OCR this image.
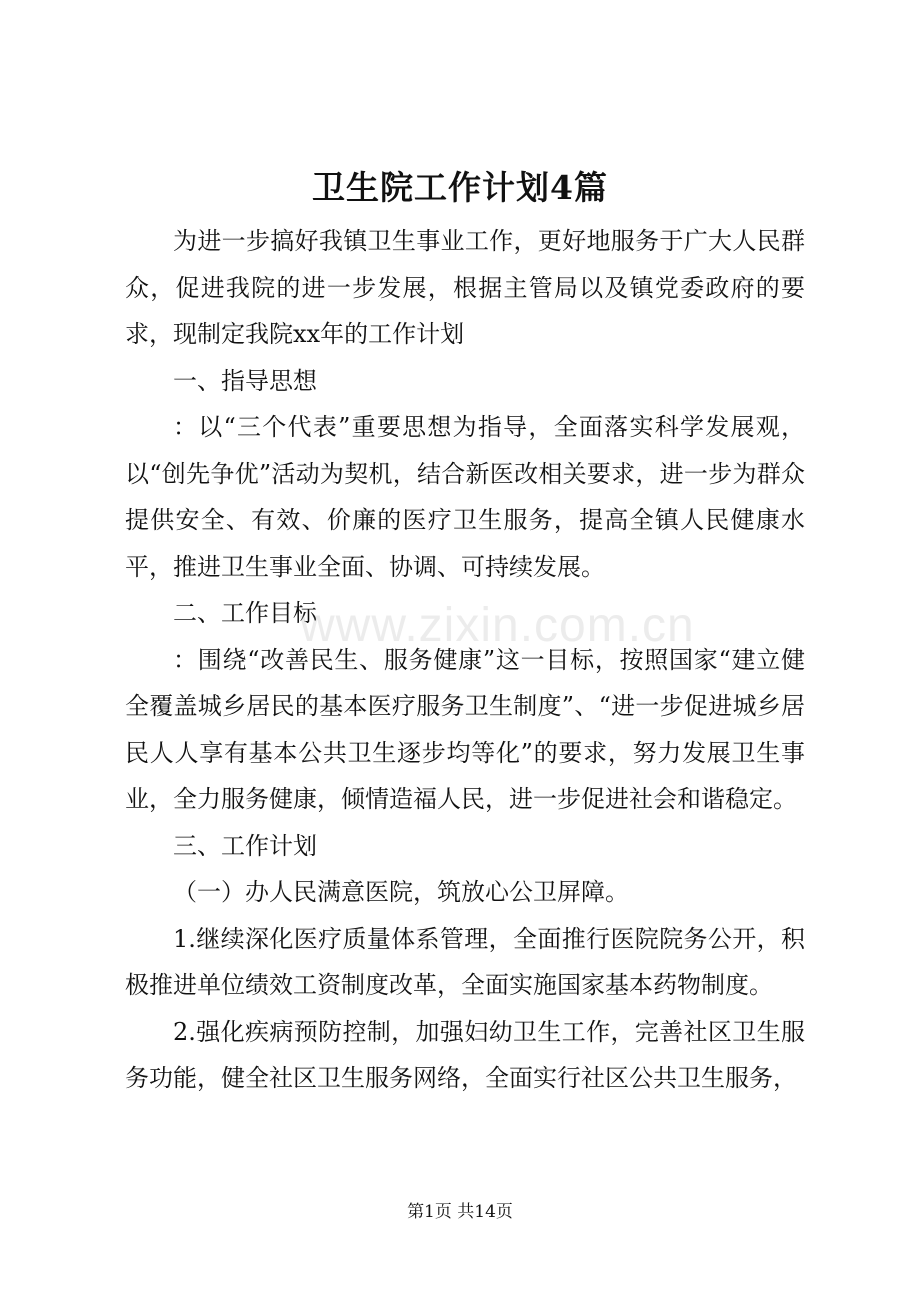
卫生院工作计划4篇

为进一步搞好我镇卫生事业工作，更好地服务于广大人民群众，促进我院的进一步发展，根据主管局以及镇党委政府的要求，现制定我院xx年的工作计划

一、指导思想

：以“三个代表”重要思想为指导，全面落实科学发展观，以“创先争优”活动为契机，结合新医改相关要求，进一步为群众提供安全、有效、价廉的医疗卫生服务，提高全镇人民健康水平，推进卫生事业全面、协调、可持续发展。

二、工作目标

：围绕“改善民生、服务健康”这一目标，按照国家“建立健全覆盖城乡居民的基本医疗服务卫生制度”、“进一步促进城乡居民人人享有基本公共卫生逐步均等化”的要求，努力发展卫生事业，全力服务健康，倾情造福人民，进一步促进社会和谐稳定。

三、工作计划

（一）办人民满意医院，筑放心公卫屏障。

1.继续深化医疗质量体系管理，全面推行医院院务公开，积极推进单位绩效工资制度改革，全面实施国家基本药物制度。

2.强化疾病预防控制，加强妇幼卫生工作，完善社区卫生服务功能，健全社区卫生服务网络，全面实行社区公共卫生服务，

www.zixin.com.cn
第1页 共14页
